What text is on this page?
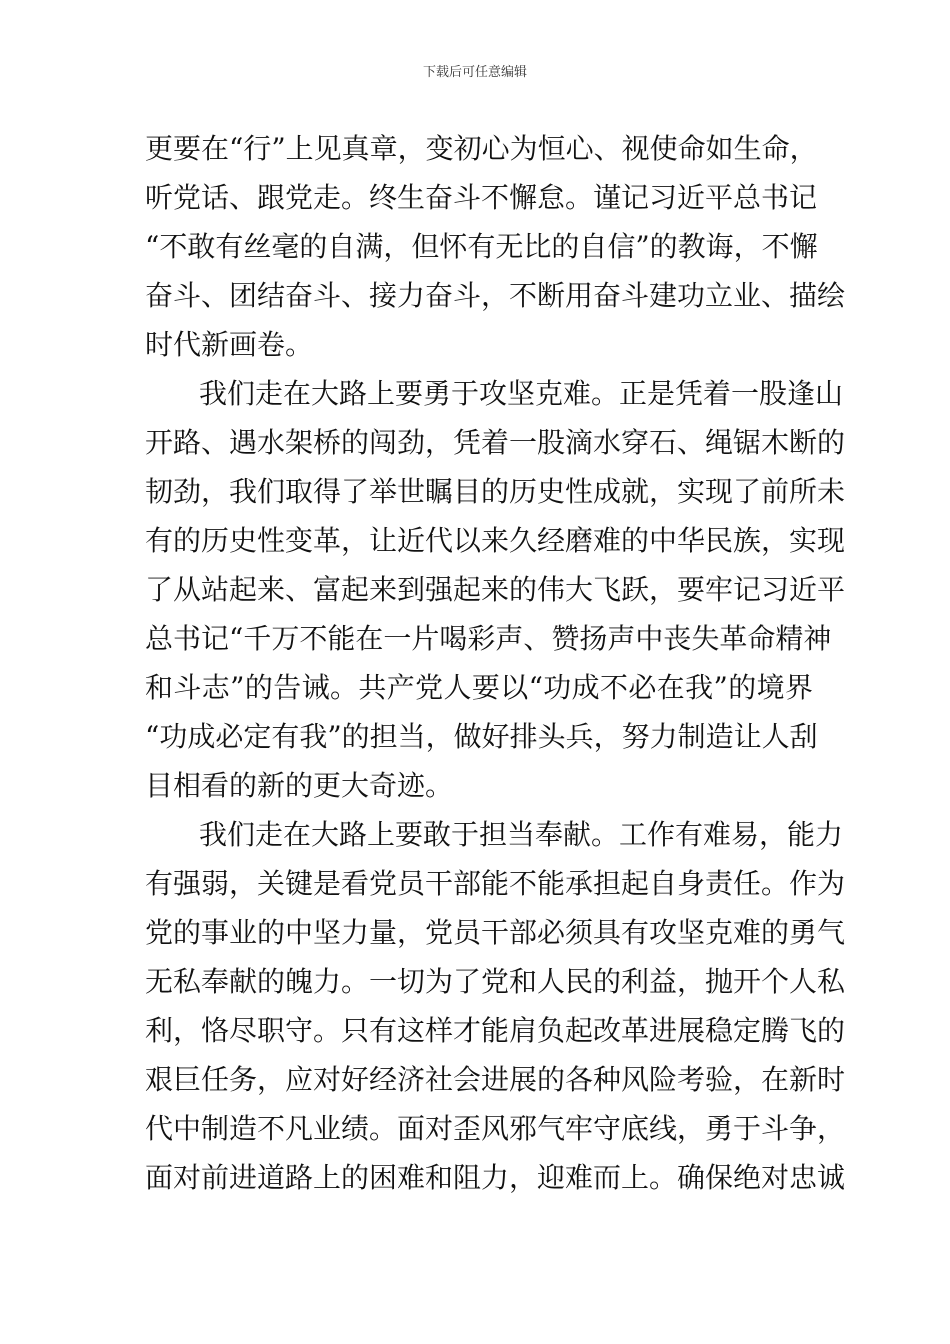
下载后可任意编辑
更要在“行”上见真章，变初心为恒心、视使命如生命，
听党话、跟党走。终生奋斗不懈怠。谨记习近平总书记
“不敢有丝毫的自满，但怀有无比的自信”的教诲，不懈
奋斗、团结奋斗、接力奋斗，不断用奋斗建功立业、描绘
时代新画卷。
我们走在大路上要勇于攻坚克难。正是凭着一股逢山
开路、遇水架桥的闯劲，凭着一股滴水穿石、绳锯木断的
韧劲，我们取得了举世瞩目的历史性成就，实现了前所未
有的历史性变革，让近代以来久经磨难的中华民族，实现
了从站起来、富起来到强起来的伟大飞跃，要牢记习近平
总书记“千万不能在一片喝彩声、赞扬声中丧失革命精神
和斗志”的告诫。共产党人要以“功成不必在我”的境界
“功成必定有我”的担当，做好排头兵，努力制造让人刮
目相看的新的更大奇迹。
我们走在大路上要敢于担当奉献。工作有难易，能力
有强弱，关键是看党员干部能不能承担起自身责任。作为
党的事业的中坚力量，党员干部必须具有攻坚克难的勇气
无私奉献的魄力。一切为了党和人民的利益，抛开个人私
利，恪尽职守。只有这样才能肩负起改革进展稳定腾飞的
艰巨任务，应对好经济社会进展的各种风险考验，在新时
代中制造不凡业绩。面对歪风邪气牢守底线，勇于斗争，
面对前进道路上的困难和阻力，迎难而上。确保绝对忠诚
